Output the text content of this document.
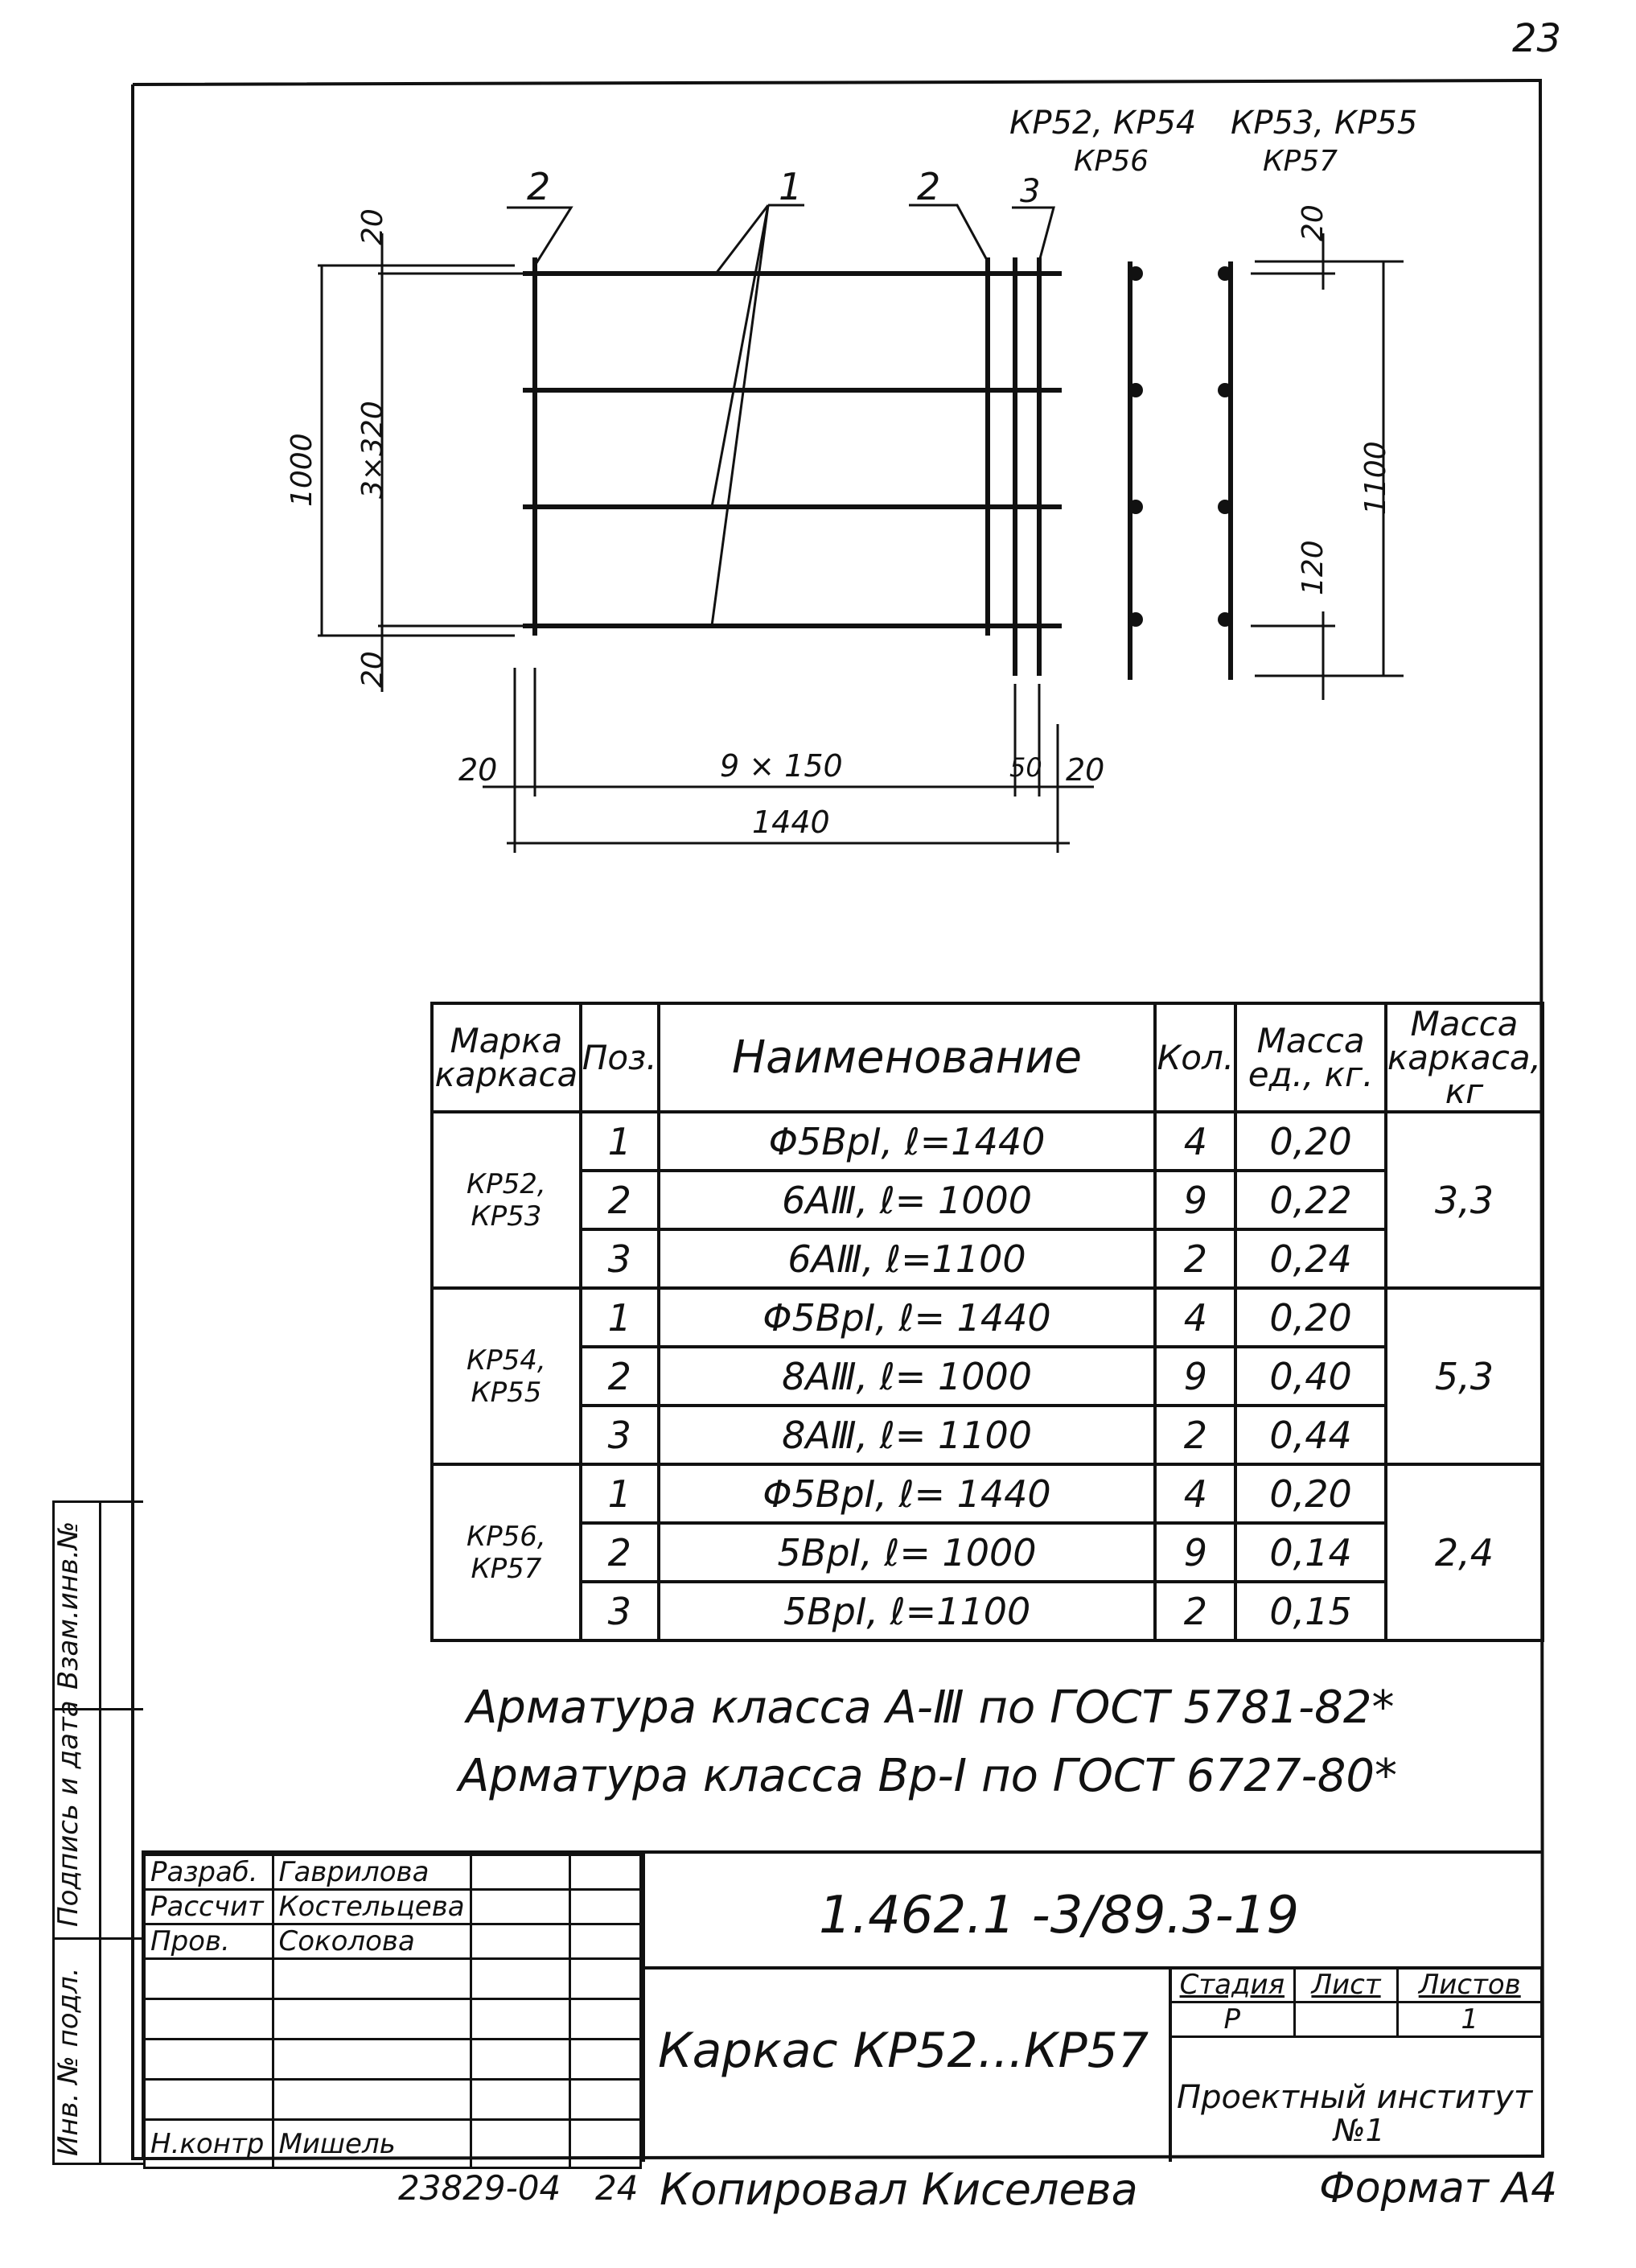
23
КР52, КР54
КР56
КР53, КР55
КР57
2	1	2 3
20
3×320
1000
20
20	9 × 150	50 20
1440
20
1100
120
Марка каркаса	Поз.	Наименование	Кол.	Масса ед., кг.	Масса каркаса, кг
КР52, КР53	1	Φ5ВрⅠ, ℓ=1440	4	0,20	3,3
	2	6АⅢ, ℓ= 1000	9	0,22	
	3	6АⅢ, ℓ=1100	2	0,24	
КР54, КР55	1	Φ5ВрⅠ, ℓ= 1440	4	0,20	5,3
	2	8АⅢ, ℓ= 1000	9	0,40	
	3	8АⅢ, ℓ= 1100	2	0,44	
КР56, КР57	1	Φ5ВрⅠ, ℓ= 1440	4	0,20	2,4
	2	5ВрⅠ, ℓ= 1000	9	0,14	
	3	5ВрⅠ, ℓ=1100	2	0,15	
Арматура класса А-Ⅲ по ГОСТ 5781-82*
Арматура класса Вр-Ⅰ по ГОСТ 6727-80*
Взам.инв.№
Подпись и дата
Инв. № подл.
Разраб.	Гаврилова		
Рассчит	Костельцева		
Пров.	Соколова		

Н.контр	Мишель		
1.462.1 -3/89.3-19
Каркас КР52...КР57
Стадия	Лист	Листов
Р		1
Проектный институт
№1
23829-04 24 Копировал Киселева	Формат А4
